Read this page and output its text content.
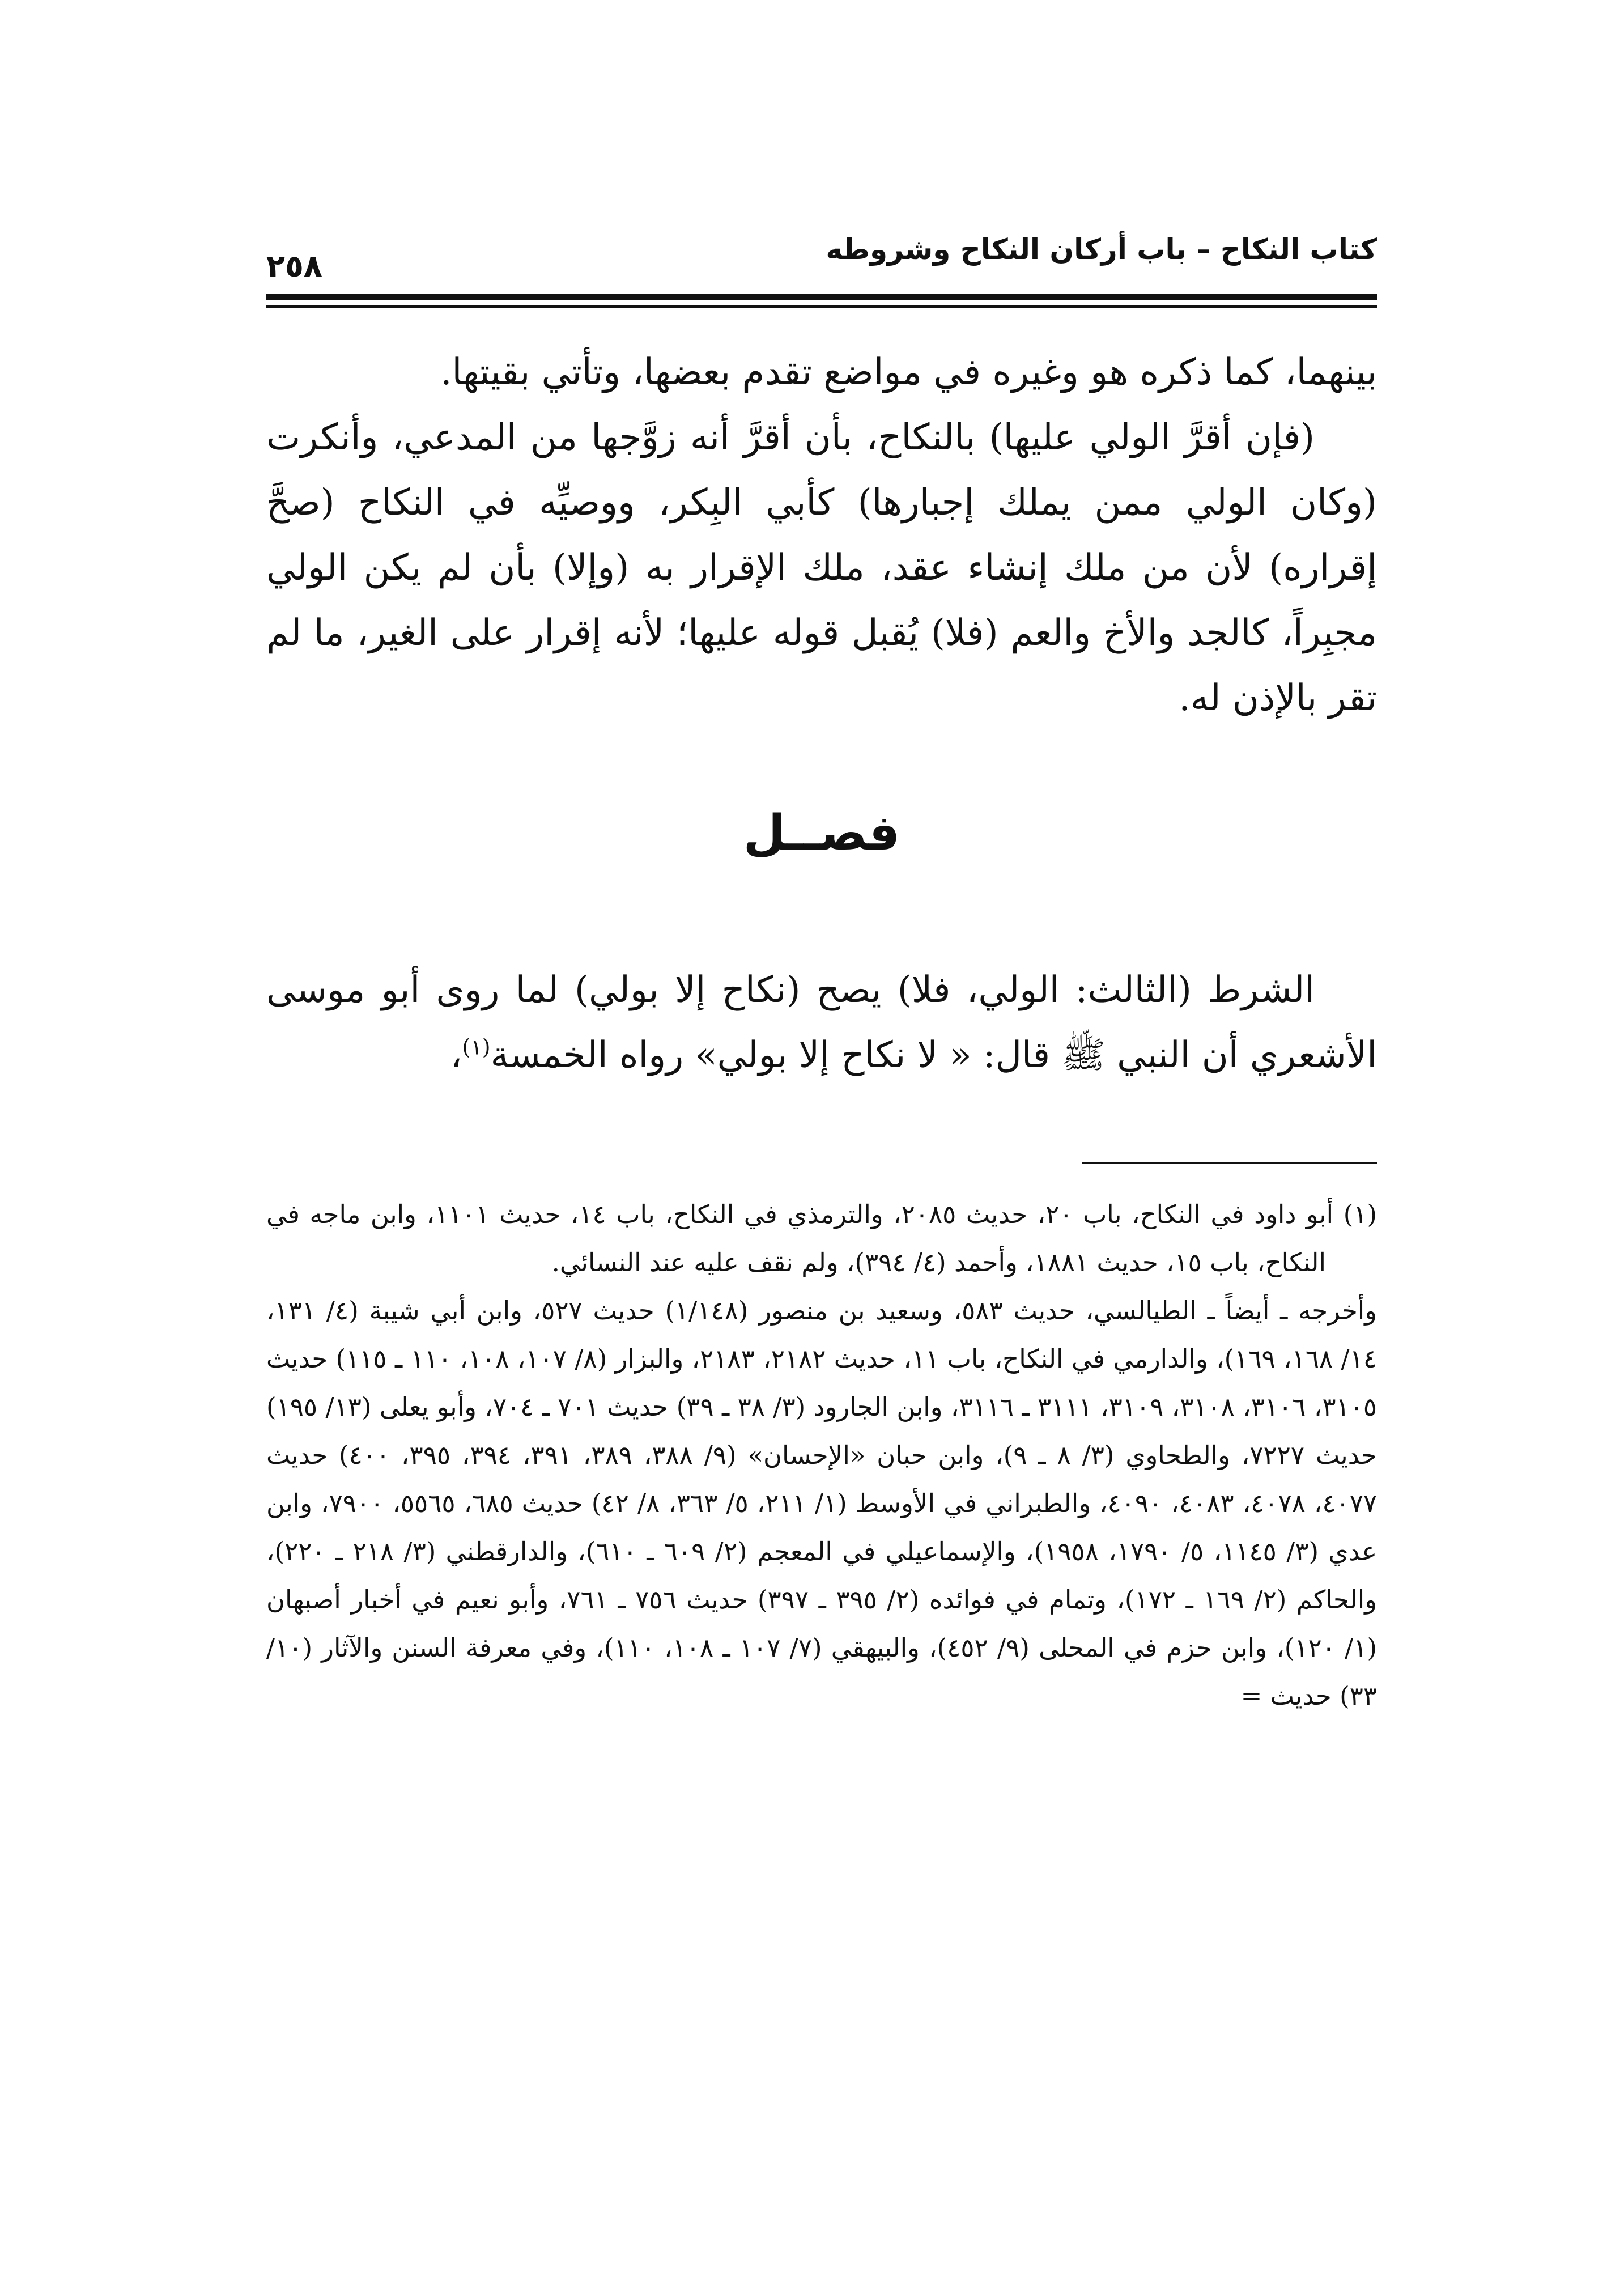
كتاب النكاح – باب أركان النكاح وشروطه
٢٥٨

بينهما، كما ذكره هو وغيره في مواضع تقدم بعضها، وتأتي بقيتها.

(فإن أقرَّ الولي عليها) بالنكاح، بأن أقرَّ أنه زوَّجها من المدعي، وأنكرت (وكان الولي ممن يملك إجبارها) كأبي البِكر، ووصيِّه في النكاح (صحَّ إقراره) لأن من ملك إنشاء عقد، ملك الإقرار به (وإلا) بأن لم يكن الولي مجبِراً، كالجد والأخ والعم (فلا) يُقبل قوله عليها؛ لأنه إقرار على الغير، ما لم تقر بالإذن له.

فصــل

الشرط (الثالث: الولي، فلا) يصح (نكاح إلا بولي) لما روى أبو موسى الأشعري أن النبي ﷺ قال: « لا نكاح إلا بولي» رواه الخمسة$^{(١)}$،

(١) أبو داود في النكاح، باب ٢٠، حديث ٢٠٨٥، والترمذي في النكاح، باب ١٤، حديث ١١٠١، وابن ماجه في النكاح، باب ١٥، حديث ١٨٨١، وأحمد (٤/ ٣٩٤)، ولم نقف عليه عند النسائي.

وأخرجه ـ أيضاً ـ الطيالسي، حديث ٥٨٣، وسعيد بن منصور (١/١٤٨) حديث ٥٢٧، وابن أبي شيبة (٤/ ١٣١، ١٤/ ١٦٨، ١٦٩)، والدارمي في النكاح، باب ١١، حديث ٢١٨٢، ٢١٨٣، والبزار (٨/ ١٠٧، ١٠٨، ١١٠ ـ ١١٥) حديث ٣١٠٥، ٣١٠٦، ٣١٠٨، ٣١٠٩، ٣١١١ ـ ٣١١٦، وابن الجارود (٣/ ٣٨ ـ ٣٩) حديث ٧٠١ ـ ٧٠٤، وأبو يعلى (١٣/ ١٩٥) حديث ٧٢٢٧، والطحاوي (٣/ ٨ ـ ٩)، وابن حبان «الإحسان» (٩/ ٣٨٨، ٣٨٩، ٣٩١، ٣٩٤، ٣٩٥، ٤٠٠) حديث ٤٠٧٧، ٤٠٧٨، ٤٠٨٣، ٤٠٩٠، والطبراني في الأوسط (١/ ٢١١، ٥/ ٣٦٣، ٨/ ٤٢) حديث ٦٨٥، ٥٥٦٥، ٧٩٠٠، وابن عدي (٣/ ١١٤٥، ٥/ ١٧٩٠، ١٩٥٨)، والإسماعيلي في المعجم (٢/ ٦٠٩ ـ ٦١٠)، والدارقطني (٣/ ٢١٨ ـ ٢٢٠)، والحاكم (٢/ ١٦٩ ـ ١٧٢)، وتمام في فوائده (٢/ ٣٩٥ ـ ٣٩٧) حديث ٧٥٦ ـ ٧٦١، وأبو نعيم في أخبار أصبهان (١/ ١٢٠)، وابن حزم في المحلى (٩/ ٤٥٢)، والبيهقي (٧/ ١٠٧ ـ ١٠٨، ١١٠)، وفي معرفة السنن والآثار (١٠/ ٣٣) حديث =
